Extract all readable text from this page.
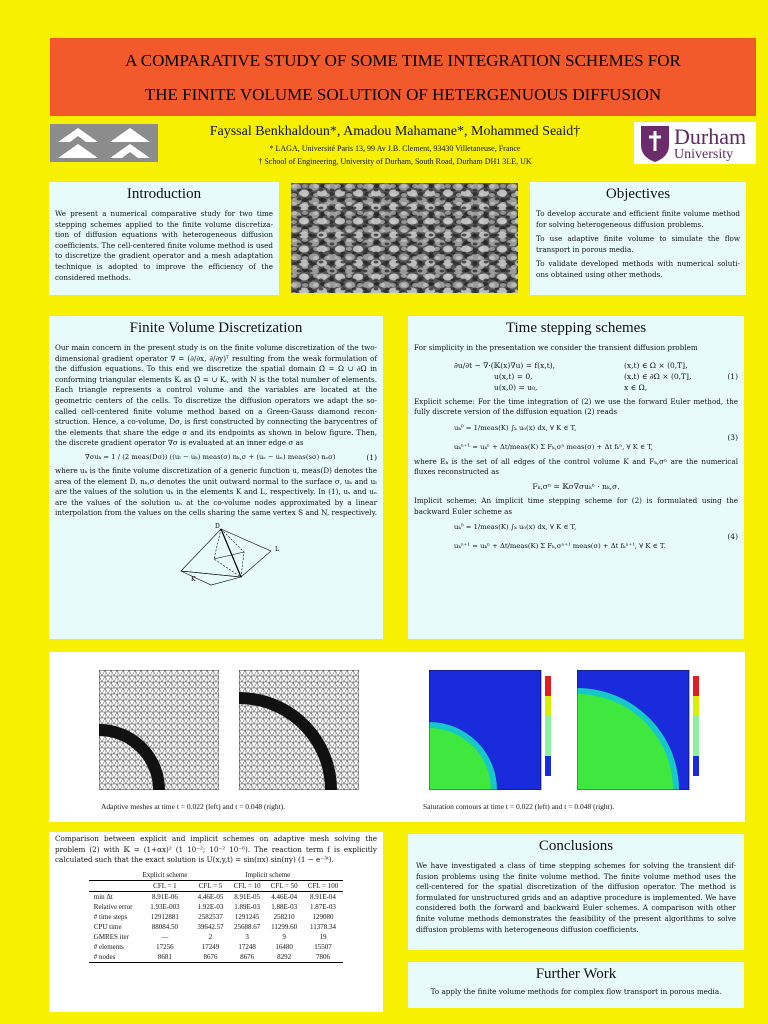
A COMPARATIVE STUDY OF SOME TIME INTEGRATION SCHEMES FOR
THE FINITE VOLUME SOLUTION OF HETERGENUOUS DIFFUSION
Durham
University
Fayssal Benkhaldoun*, Amadou Mahamane*, Mohammed Seaid†
* LAGA, Université Paris 13, 99 Av J.B. Clement, 93430 Villetaneuse, France
† School of Engineering, University of Durham, South Road, Durham DH1 3LE, UK
Introduction
We present a numerical comparative study for two time stepping schemes applied to the finite volume discretiza- tion of diffusion equations with heterogeneous diffusion coefficients. The cell-centered finite volume method is used to discretize the gradient operator and a mesh adaptation technique is adopted to improve the efficiency of the considered methods.
Objectives

To develop accurate and efficient finite volume method for solving heterogeneous diffusion problems.

To use adaptive finite volume to simulate the flow transport in porous media.

To validate developed methods with numerical soluti- ons obtained using other methods.

Finite Volume Discretization
Our main concern in the present study is on the finite volume discretization of the two-dimensional gradient operator ∇ = (∂/∂x, ∂/∂y)ᵀ resulting from the weak formulation of the diffusion equations. To this end we discretize the spatial domain Ω̄ = Ω ∪ ∂Ω in conforming triangular elements Kᵢ as Ω̄ = ∪ Kᵢ, with N is the total number of elements. Each triangle represents a control volume and the variables are located at the geometric centers of the cells. To discretize the diffusion operators we adapt the so-called cell-centered finite volume method based on a Green-Gauss diamond recon- struction. Hence, a co-volume, Dσ, is first constructed by connecting the barycentres of the elements that share the edge σ and its endpoints as shown in below figure. Then, the discrete gradient operator ∇σ is evaluated at an inner edge σ as
∇σuₖ = 1 / (2 meas(Dσ)) ((uₗ − uₖ) meas(σ) nₖ,σ + (uₛ − uₙ) meas(sσ) nₛσ)	(1)
where uₖ is the finite volume discretization of a generic function u, meas(D) denotes the area of the element D, nₖ,σ denotes the unit outward normal to the surface σ, uₖ and uₗ are the values of the solution uₕ in the elements K and L, respectively. In (1), uₛ and uₙ are the values of the solution uₕ at the co-volume nodes approximated by a linear interpolation from the values on the cells sharing the same vertex S and N, respectively.
D
K
L
Time stepping schemes
For simplicity in the presentation we consider the transient diffusion problem
∂u/∂t − ∇·(𝕂(x)∇u) = f(x,t),	(x,t) ∈ Ω × (0,T],
u(x,t) = 0,	(x,t) ∈ ∂Ω × (0,T],
u(x,0) = u₀,	x ∈ Ω,
(1)
Explicit scheme: For the time integration of (2) we use the forward Euler method, the fully discrete version of the diffusion equation (2) reads
uₖ⁰ = 1/meas(K) ∫ₖ u₀(x) dx, ∀ K ∈ T,
uₖⁿ⁺¹ = uₖⁿ + Δt/meas(K) Σ Fₖ,σⁿ meas(σ) + Δt fₖⁿ, ∀ K ∈ T,
(3)
where Eₖ is the set of all edges of the control volume K and Fₖ,σⁿ are the numerical fluxes reconstructed as
Fₖ,σⁿ = 𝕂σ∇σuₖⁿ · nₖ,σ.
Implicit scheme: An implicit time stepping scheme for (2) is formulated using the backward Euler scheme as
uₖ⁰ = 1/meas(K) ∫ₖ u₀(x) dx, ∀ K ∈ T,
uₖⁿ⁺¹ = uₖⁿ + Δt/meas(K) Σ Fₖ,σⁿ⁺¹ meas(σ) + Δt fₖⁿ⁺¹, ∀ K ∈ T.
(4)
Adaptive meshes at time t = 0.022 (left) and t = 0.048 (right).	Saturation contours at time t = 0.022 (left) and t = 0.048 (right).
Comparison between explicit and implicit schemes on adaptive mesh solving the problem (2) with 𝕂 = (1+αx)² (1 10⁻²; 10⁻² 10⁻⁶). The reaction term f is explicitly calculated such that the exact solution is U(x,y,t) = sin(πx) sin(πy) (1 − e⁻³ᵗ).
	Explicit scheme	Implicit scheme			
	CFL = 1	CFL = 5	CFL = 10	CFL = 50	CFL = 100
min Δt	8.91E-06	4.46E-05	8.91E-05	4.46E-04	8.91E-04
Relative error	1.93E-003	1.92E-03	1.89E-03	1.88E-03	1.87E-03
# time steps	12912881	2582537	1291245	258210	129080
CPU time	88084.50	39642.57	25688.67	11299.60	11378.34
GMRES iter	—	2	3	9	19
# elements	17256	17249	17248	16480	15507
# nodes	8681	8676	8676	8292	7806
Conclusions
We have investigated a class of time stepping schemes for solving the transient dif- fusion problems using the finite volume method. The finite volume method uses the cell-centered for the spatial discretization of the diffusion operator. The method is formulated for unstructured grids and an adaptive procedure is implemented. We have considered both the forward and backward Euler schemes. A comparison with other finite volume methods demonstrates the feasibility of the present algorithms to solve diffusion problems with heterogeneous diffusion coefficients.
Further Work
To apply the finite volume methods for complex flow transport in porous media.
